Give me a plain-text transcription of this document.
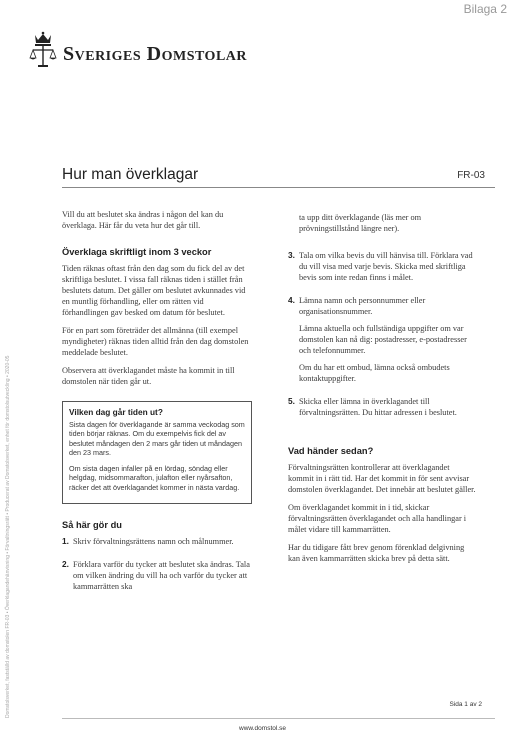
Bilaga 2
Sveriges Domstolar
Hur man överklagar	FR-03

Vill du att beslutet ska ändras i någon del kan du överklaga. Här får du veta hur det går till.

Överklaga skriftligt inom 3 veckor

Tiden räknas oftast från den dag som du fick del av det skriftliga beslutet. I vissa fall räknas tiden i stället från beslutets datum. Det gäller om beslutet avkunnades vid en muntlig förhandling, eller om rätten vid förhandlingen gav besked om datum för beslutet.

För en part som företräder det allmänna (till exempel myndigheter) räknas tiden alltid från den dag domstolen meddelade beslutet.

Observera att överklagandet måste ha kommit in till domstolen när tiden går ut.

Vilken dag går tiden ut?

Sista dagen för överklagande är samma veckodag som tiden börjar räknas. Om du exempelvis fick del av beslutet måndagen den 2 mars går tiden ut måndagen den 23 mars.

Om sista dagen infaller på en lördag, söndag eller helgdag, midsommarafton, julafton eller nyårsafton, räcker det att överklagandet kommer in nästa vardag.

Så här gör du
1. Skriv förvaltningsrättens namn och målnummer.

2. Förklara varför du tycker att beslutet ska ändras. Tala om vilken ändring du vill ha och varför du tycker att kammarrätten ska

ta upp ditt överklagande (läs mer om prövningstillstånd längre ner).

3. Tala om vilka bevis du vill hänvisa till. Förklara vad du vill visa med varje bevis. Skicka med skriftliga bevis som inte redan finns i målet.

4. Lämna namn och personnummer eller organisationsnummer.

Lämna aktuella och fullständiga uppgifter om var domstolen kan nå dig: postadresser, e-postadresser och telefonnummer.

Om du har ett ombud, lämna också ombudets kontaktuppgifter.

5. Skicka eller lämna in överklagandet till förvaltningsrätten. Du hittar adressen i beslutet.

Vad händer sedan?

Förvaltningsrätten kontrollerar att överklagandet kommit in i rätt tid. Har det kommit in för sent avvisar domstolen överklagandet. Det innebär att beslutet gäller.

Om överklagandet kommit in i tid, skickar förvaltningsrätten överklagandet och alla handlingar i målet vidare till kammarrätten.

Har du tidigare fått brev genom förenklad delgivning kan även kammarrätten skicka brev på detta sätt.

Domstolsverket, fastställd av domstolen FR-03 • Överklagandehänvisning • Förvaltningsrätt • Producerat av Domstolsverket, enhet för domstolsutveckling • 2020-05	Sida 1 av 2
www.domstol.se
